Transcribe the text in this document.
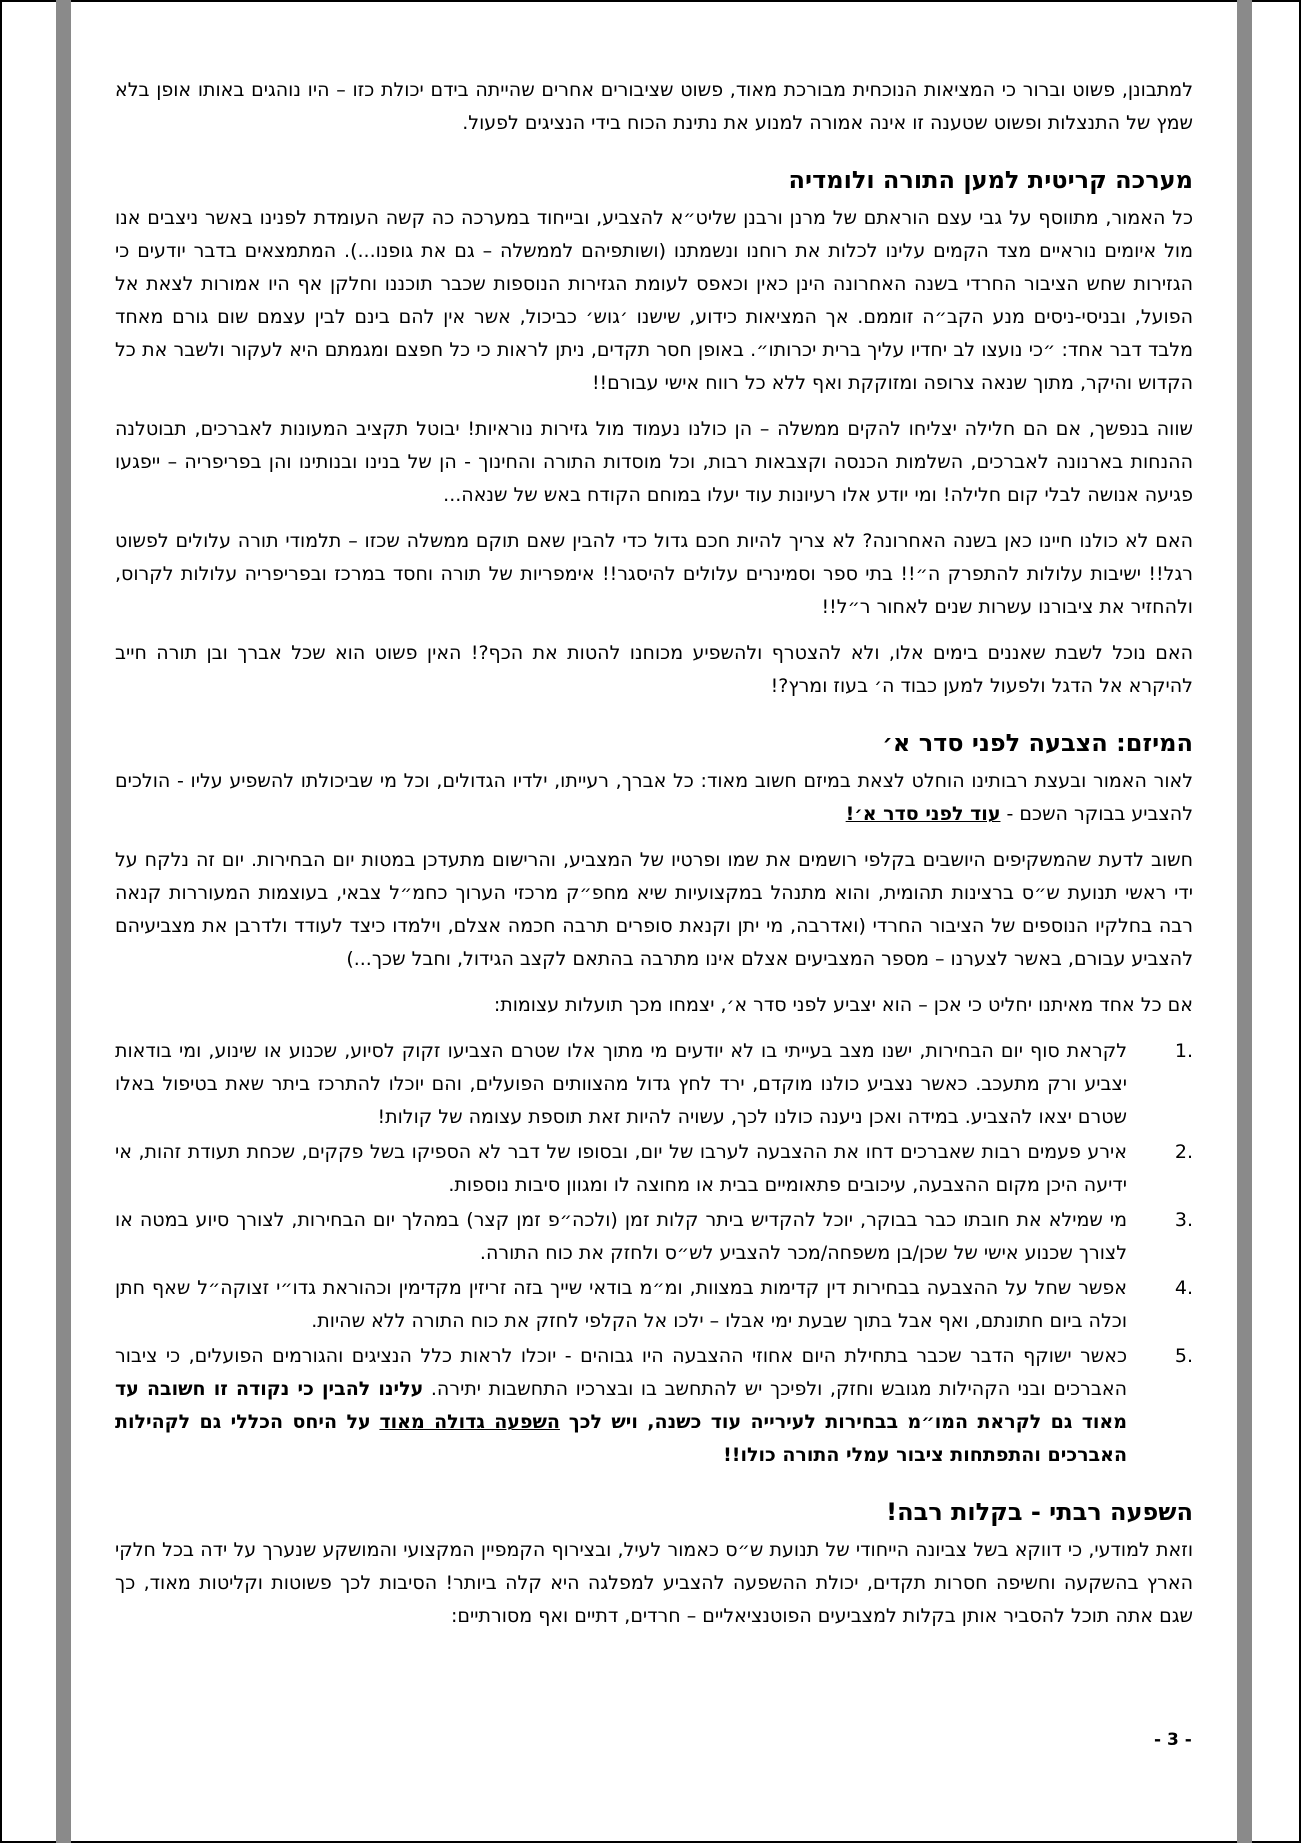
למתבונן, פשוט וברור כי המציאות הנוכחית מבורכת מאוד, פשוט שציבורים אחרים שהייתה בידם יכולת כזו – היו נוהגים באותו אופן בלא שמץ של התנצלות ופשוט שטענה זו אינה אמורה למנוע את נתינת הכוח בידי הנציגים לפעול.

מערכה קריטית למען התורה ולומדיה

כל האמור, מתווסף על גבי עצם הוראתם של מרנן ורבנן שליט״א להצביע, ובייחוד במערכה כה קשה העומדת לפנינו באשר ניצבים אנו מול איומים נוראיים מצד הקמים עלינו לכלות את רוחנו ונשמתנו (ושותפיהם לממשלה – גם את גופנו...). המתמצאים בדבר יודעים כי הגזירות שחש הציבור החרדי בשנה האחרונה הינן כאין וכאפס לעומת הגזירות הנוספות שכבר תוכננו וחלקן אף היו אמורות לצאת אל הפועל, ובניסי-ניסים מנע הקב״ה זוממם. אך המציאות כידוע, שישנו ׳גוש׳ כביכול, אשר אין להם בינם לבין עצמם שום גורם מאחד מלבד דבר אחד: ״כי נועצו לב יחדיו עליך ברית יכרותו״. באופן חסר תקדים, ניתן לראות כי כל חפצם ומגמתם היא לעקור ולשבר את כל הקדוש והיקר, מתוך שנאה צרופה ומזוקקת ואף ללא כל רווח אישי עבורם!!

שווה בנפשך, אם הם חלילה יצליחו להקים ממשלה – הן כולנו נעמוד מול גזירות נוראיות! יבוטל תקציב המעונות לאברכים, תבוטלנה ההנחות בארנונה לאברכים, השלמות הכנסה וקצבאות רבות, וכל מוסדות התורה והחינוך - הן של בנינו ובנותינו והן בפריפריה – ייפגעו פגיעה אנושה לבלי קום חלילה! ומי יודע אלו רעיונות עוד יעלו במוחם הקודח באש של שנאה...

האם לא כולנו חיינו כאן בשנה האחרונה? לא צריך להיות חכם גדול כדי להבין שאם תוקם ממשלה שכזו – תלמודי תורה עלולים לפשוט רגל!! ישיבות עלולות להתפרק ה״!! בתי ספר וסמינרים עלולים להיסגר!! אימפריות של תורה וחסד במרכז ובפריפריה עלולות לקרוס, ולהחזיר את ציבורנו עשרות שנים לאחור ר״ל!!

האם נוכל לשבת שאננים בימים אלו, ולא להצטרף ולהשפיע מכוחנו להטות את הכף?! האין פשוט הוא שכל אברך ובן תורה חייב להיקרא אל הדגל ולפעול למען כבוד ה׳ בעוז ומרץ?!

המיזם: הצבעה לפני סדר א׳

לאור האמור ובעצת רבותינו הוחלט לצאת במיזם חשוב מאוד: כל אברך, רעייתו, ילדיו הגדולים, וכל מי שביכולתו להשפיע עליו - הולכים להצביע בבוקר השכם - עוד לפני סדר א׳!

חשוב לדעת שהמשקיפים היושבים בקלפי רושמים את שמו ופרטיו של המצביע, והרישום מתעדכן במטות יום הבחירות. יום זה נלקח על ידי ראשי תנועת ש״ס ברצינות תהומית, והוא מתנהל במקצועיות שיא מחפ״ק מרכזי הערוך כחמ״ל צבאי, בעוצמות המעוררות קנאה רבה בחלקיו הנוספים של הציבור החרדי (ואדרבה, מי יתן וקנאת סופרים תרבה חכמה אצלם, וילמדו כיצד לעודד ולדרבן את מצביעיהם להצביע עבורם, באשר לצערנו – מספר המצביעים אצלם אינו מתרבה בהתאם לקצב הגידול, וחבל שכך...)

אם כל אחד מאיתנו יחליט כי אכן – הוא יצביע לפני סדר א׳, יצמחו מכך תועלות עצומות:

.1
לקראת סוף יום הבחירות, ישנו מצב בעייתי בו לא יודעים מי מתוך אלו שטרם הצביעו זקוק לסיוע, שכנוע או שינוע, ומי בודאות יצביע ורק מתעכב. כאשר נצביע כולנו מוקדם, ירד לחץ גדול מהצוותים הפועלים, והם יוכלו להתרכז ביתר שאת בטיפול באלו שטרם יצאו להצביע. במידה ואכן ניענה כולנו לכך, עשויה להיות זאת תוספת עצומה של קולות!
.2
אירע פעמים רבות שאברכים דחו את ההצבעה לערבו של יום, ובסופו של דבר לא הספיקו בשל פקקים, שכחת תעודת זהות, אי ידיעה היכן מקום ההצבעה, עיכובים פתאומיים בבית או מחוצה לו ומגוון סיבות נוספות.
.3
מי שמילא את חובתו כבר בבוקר, יוכל להקדיש ביתר קלות זמן (ולכה״פ זמן קצר) במהלך יום הבחירות, לצורך סיוע במטה או לצורך שכנוע אישי של שכן/בן משפחה/מכר להצביע לש״ס ולחזק את כוח התורה.
.4
אפשר שחל על ההצבעה בבחירות דין קדימות במצוות, ומ״מ בודאי שייך בזה זריזין מקדימין וכהוראת גדו״י זצוקה״ל שאף חתן וכלה ביום חתונתם, ואף אבל בתוך שבעת ימי אבלו – ילכו אל הקלפי לחזק את כוח התורה ללא שהיות.
.5
כאשר ישוקף הדבר שכבר בתחילת היום אחוזי ההצבעה היו גבוהים - יוכלו לראות כלל הנציגים והגורמים הפועלים, כי ציבור האברכים ובני הקהילות מגובש וחזק, ולפיכך יש להתחשב בו ובצרכיו התחשבות יתירה. עלינו להבין כי נקודה זו חשובה עד מאוד גם לקראת המו״מ בבחירות לעירייה עוד כשנה, ויש לכך השפעה גדולה מאוד על היחס הכללי גם לקהילות האברכים והתפתחות ציבור עמלי התורה כולו!!
השפעה רבתי - בקלות רבה!

וזאת למודעי, כי דווקא בשל צביונה הייחודי של תנועת ש״ס כאמור לעיל, ובצירוף הקמפיין המקצועי והמושקע שנערך על ידה בכל חלקי הארץ בהשקעה וחשיפה חסרות תקדים, יכולת ההשפעה להצביע למפלגה היא קלה ביותר! הסיבות לכך פשוטות וקליטות מאוד, כך שגם אתה תוכל להסביר אותן בקלות למצביעים הפוטנציאליים – חרדים, דתיים ואף מסורתיים:

- 3 -
